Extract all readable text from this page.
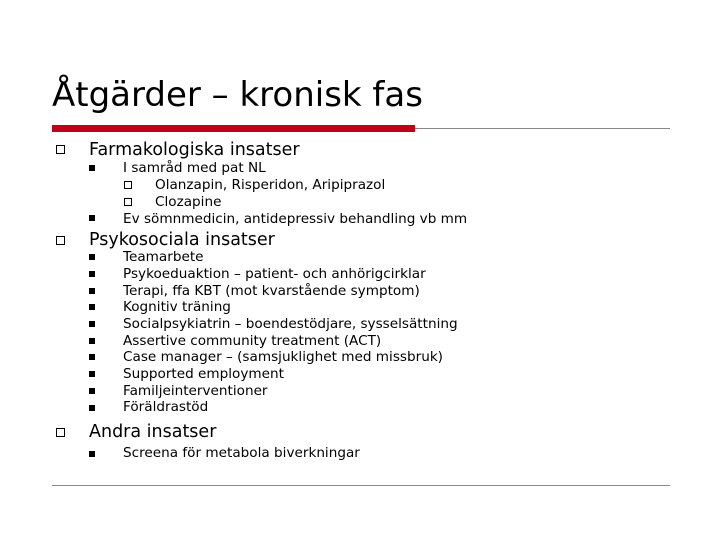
Åtgärder – kronisk fas
Farmakologiska insatser
I samråd med pat NL
Olanzapin, Risperidon, Aripiprazol
Clozapine
Ev sömnmedicin, antidepressiv behandling vb mm
Psykosociala insatser
Teamarbete
Psykoeduaktion – patient- och anhörigcirklar
Terapi, ffa KBT (mot kvarstående symptom)
Kognitiv träning
Socialpsykiatrin – boendestödjare, sysselsättning
Assertive community treatment (ACT)
Case manager – (samsjuklighet med missbruk)
Supported employment
Familjeinterventioner
Föräldrastöd
Andra insatser
Screena för metabola biverkningar
